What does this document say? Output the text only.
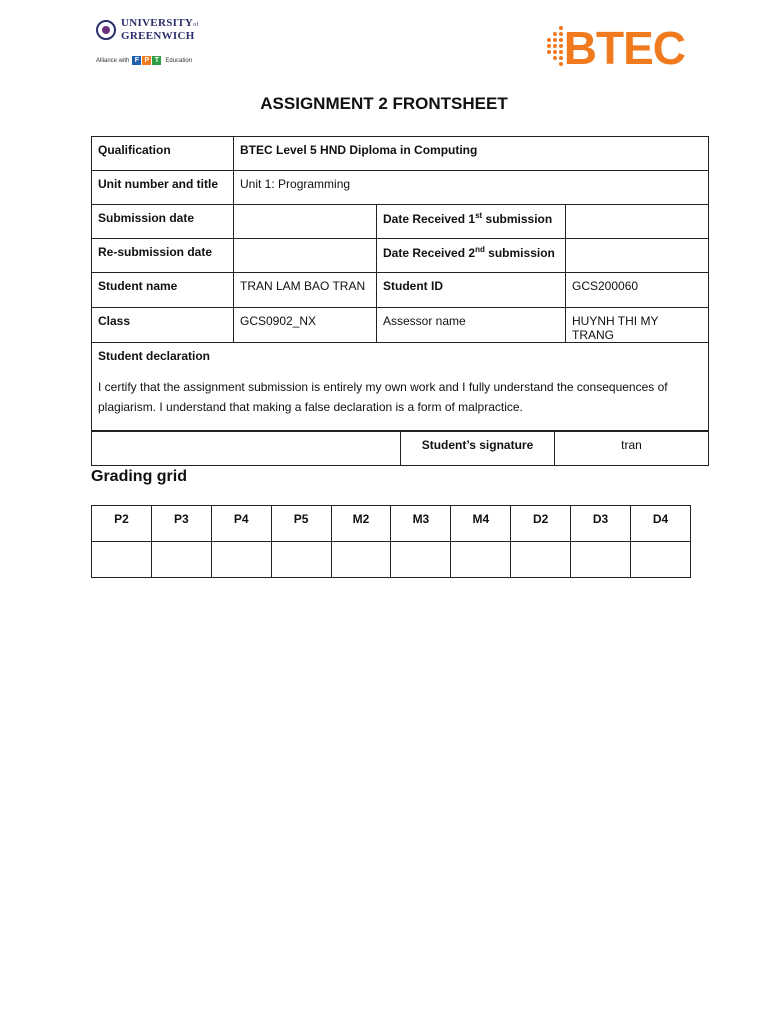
UNIVERSITYof
GREENWICH
Alliance with F P T	Education	BTEC
ASSIGNMENT 2 FRONTSHEET
Qualification	BTEC Level 5 HND Diploma in Computing		
Unit number and title	Unit 1: Programming		
Submission date		Date Received 1st submission	
Re-submission date		Date Received 2nd submission	
Student name	TRAN LAM BAO TRAN	Student ID	GCS200060
Class	GCS0902_NX	Assessor name	HUYNH THI MY TRANG

Student declaration
I certify that the assignment submission is entirely my own work and I fully understand the consequences of plagiarism. I understand that making a false declaration is a form of malpractice.			
	Student’s signature	tran
Grading grid
P2	P3	P4	P5	M2	M3	M4	D2	D3	D4
